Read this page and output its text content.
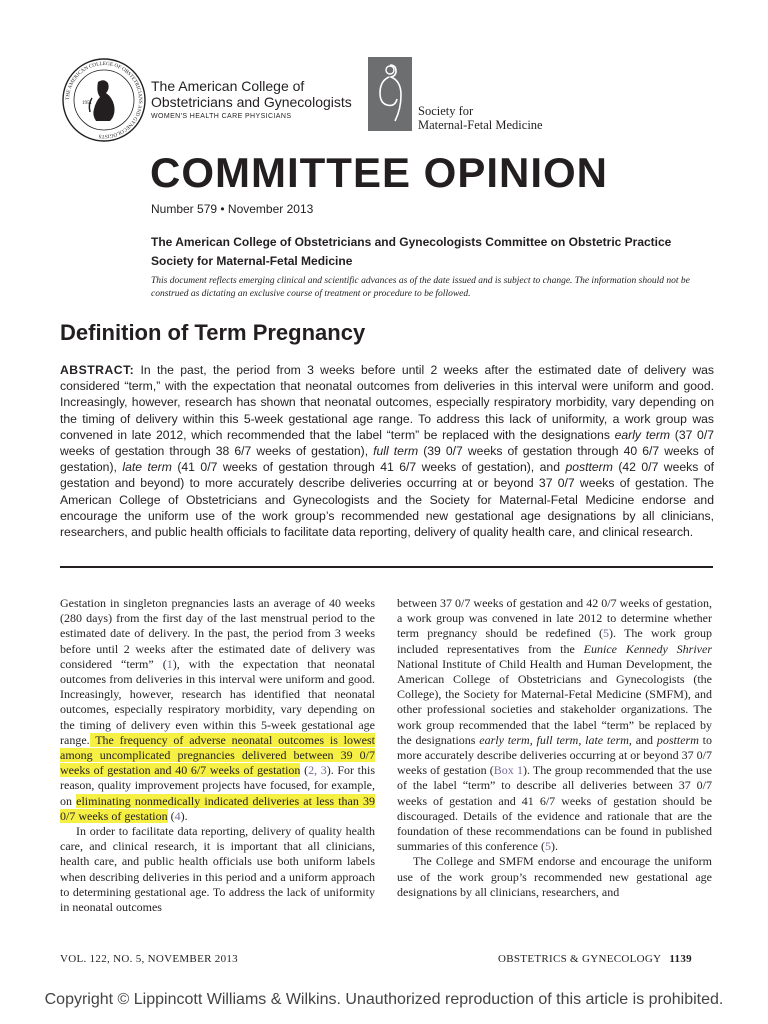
THE AMERICAN COLLEGE OF OBSTETRICIANS AND GYNECOLOGISTS
1951
The American College of
Obstetricians and Gynecologists
WOMEN'S HEALTH CARE PHYSICIANS	Society for
Maternal-Fetal Medicine
COMMITTEE OPINION
Number 579 • November 2013
The American College of Obstetricians and Gynecologists Committee on Obstetric Practice
Society for Maternal-Fetal Medicine
This document reflects emerging clinical and scientific advances as of the date issued and is subject to change. The information should not be construed as dictating an exclusive course of treatment or procedure to be followed.
Definition of Term Pregnancy
ABSTRACT: In the past, the period from 3 weeks before until 2 weeks after the estimated date of delivery was considered “term,” with the expectation that neonatal outcomes from deliveries in this interval were uniform and good. Increasingly, however, research has shown that neonatal outcomes, especially respiratory morbidity, vary depending on the timing of delivery within this 5-week gestational age range. To address this lack of uniformity, a work group was convened in late 2012, which recommended that the label “term” be replaced with the designations early term (37 0/7 weeks of gestation through 38 6/7 weeks of gestation), full term (39 0/7 weeks of gestation through 40 6/7 weeks of gestation), late term (41 0/7 weeks of gestation through 41 6/7 weeks of gestation), and postterm (42 0/7 weeks of gestation and beyond) to more accurately describe deliveries occurring at or beyond 37 0/7 weeks of gestation. The American College of Obstetricians and Gynecologists and the Society for Maternal-Fetal Medicine endorse and encourage the uniform use of the work group’s recommended new gestational age designations by all clinicians, researchers, and public health officials to facilitate data reporting, delivery of quality health care, and clinical research.

Gestation in singleton pregnancies lasts an average of 40 weeks (280 days) from the first day of the last menstrual period to the estimated date of delivery. In the past, the period from 3 weeks before until 2 weeks after the estimated date of delivery was considered “term” (1), with the expectation that neonatal outcomes from deliveries in this interval were uniform and good. Increasingly, however, research has identified that neonatal outcomes, especially respiratory morbidity, vary depending on the timing of delivery even within this 5-week gestational age range. The frequency of adverse neonatal outcomes is lowest among uncomplicated pregnancies delivered between 39 0/7 weeks of gestation and 40 6/7 weeks of gestation (2, 3). For this reason, quality improvement projects have focused, for example, on eliminating nonmedically indicated deliveries at less than 39 0/7 weeks of gestation (4).

In order to facilitate data reporting, delivery of quality health care, and clinical research, it is important that all clinicians, health care, and public health officials use both uniform labels when describing deliveries in this period and a uniform approach to determining gestational age. To address the lack of uniformity in neonatal outcomes

between 37 0/7 weeks of gestation and 42 0/7 weeks of gestation, a work group was convened in late 2012 to determine whether term pregnancy should be redefined (5). The work group included representatives from the Eunice Kennedy Shriver National Institute of Child Health and Human Development, the American College of Obstetricians and Gynecologists (the College), the Society for Maternal-Fetal Medicine (SMFM), and other professional societies and stakeholder organizations. The work group recommended that the label “term” be replaced by the designations early term, full term, late term, and postterm to more accurately describe deliveries occurring at or beyond 37 0/7 weeks of gestation (Box 1). The group recommended that the use of the label “term” to describe all deliveries between 37 0/7 weeks of gestation and 41 6/7 weeks of gestation should be discouraged. Details of the evidence and rationale that are the foundation of these recommendations can be found in published summaries of this conference (5).

The College and SMFM endorse and encourage the uniform use of the work group’s recommended new gestational age designations by all clinicians, researchers, and

VOL. 122, NO. 5, NOVEMBER 2013	OBSTETRICS & GYNECOLOGY 1139
Copyright © Lippincott Williams & Wilkins. Unauthorized reproduction of this article is prohibited.
